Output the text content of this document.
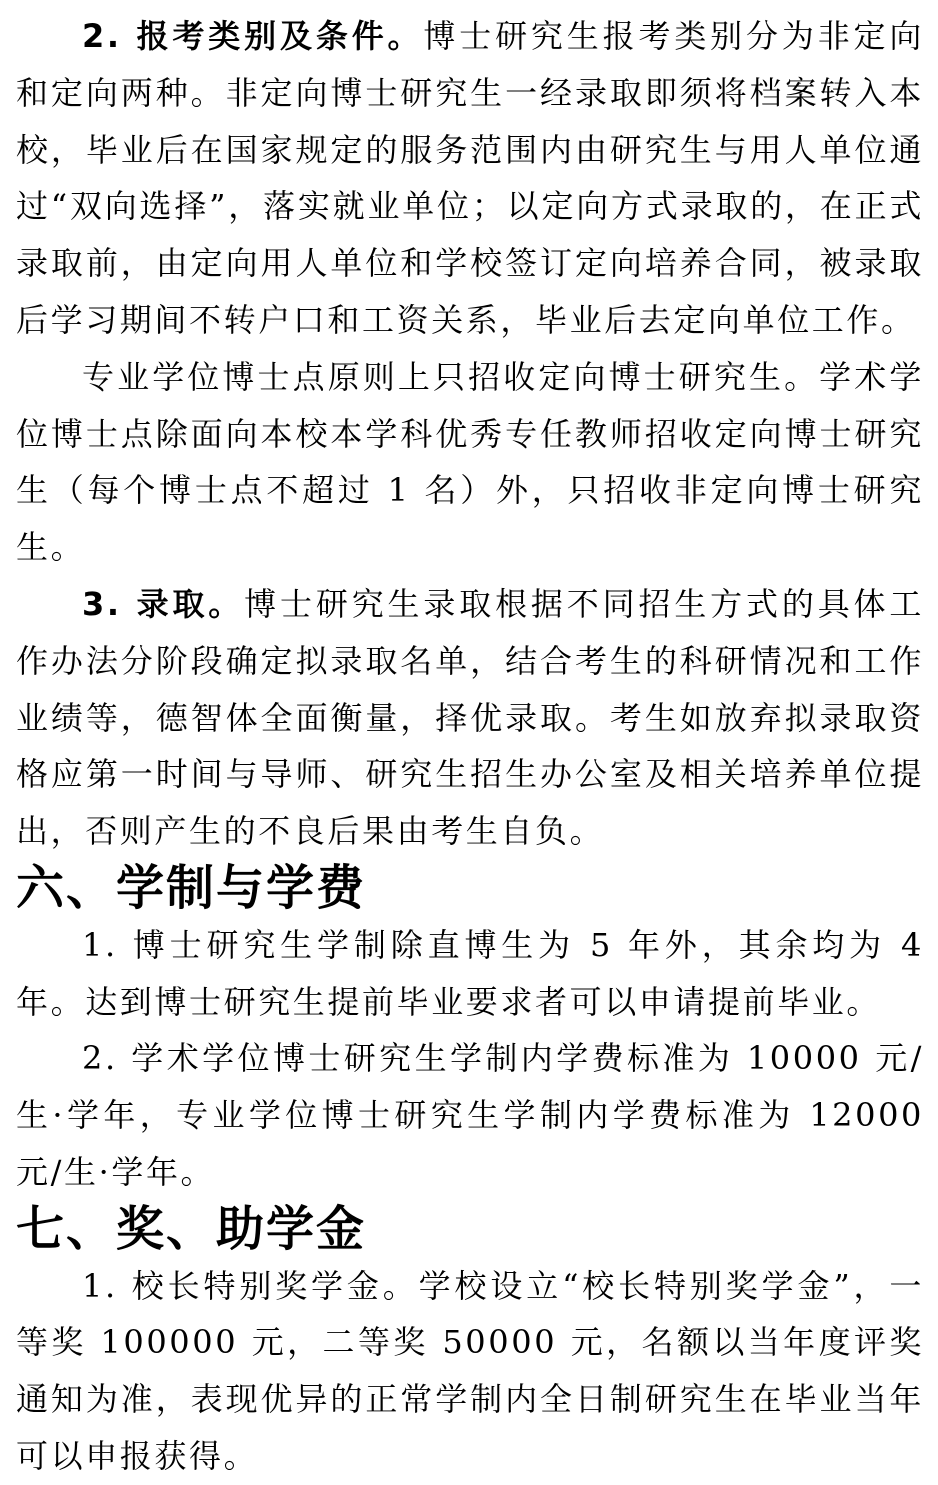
2. 报考类别及条件。博士研究生报考类别分为非定向和定向两种。非定向博士研究生一经录取即须将档案转入本校，毕业后在国家规定的服务范围内由研究生与用人单位通过“双向选择”，落实就业单位；以定向方式录取的，在正式录取前，由定向用人单位和学校签订定向培养合同，被录取后学习期间不转户口和工资关系，毕业后去定向单位工作。

专业学位博士点原则上只招收定向博士研究生。学术学位博士点除面向本校本学科优秀专任教师招收定向博士研究生（每个博士点不超过 1 名）外，只招收非定向博士研究生。

3. 录取。博士研究生录取根据不同招生方式的具体工作办法分阶段确定拟录取名单，结合考生的科研情况和工作业绩等，德智体全面衡量，择优录取。考生如放弃拟录取资格应第一时间与导师、研究生招生办公室及相关培养单位提出，否则产生的不良后果由考生自负。

六、学制与学费

1. 博士研究生学制除直博生为 5 年外，其余均为 4 年。达到博士研究生提前毕业要求者可以申请提前毕业。

2. 学术学位博士研究生学制内学费标准为 10000 元/生·学年，专业学位博士研究生学制内学费标准为 12000 元/生·学年。

七、奖、助学金

1. 校长特别奖学金。学校设立“校长特别奖学金”，一等奖 100000 元，二等奖 50000 元，名额以当年度评奖通知为准，表现优异的正常学制内全日制研究生在毕业当年可以申报获得。
